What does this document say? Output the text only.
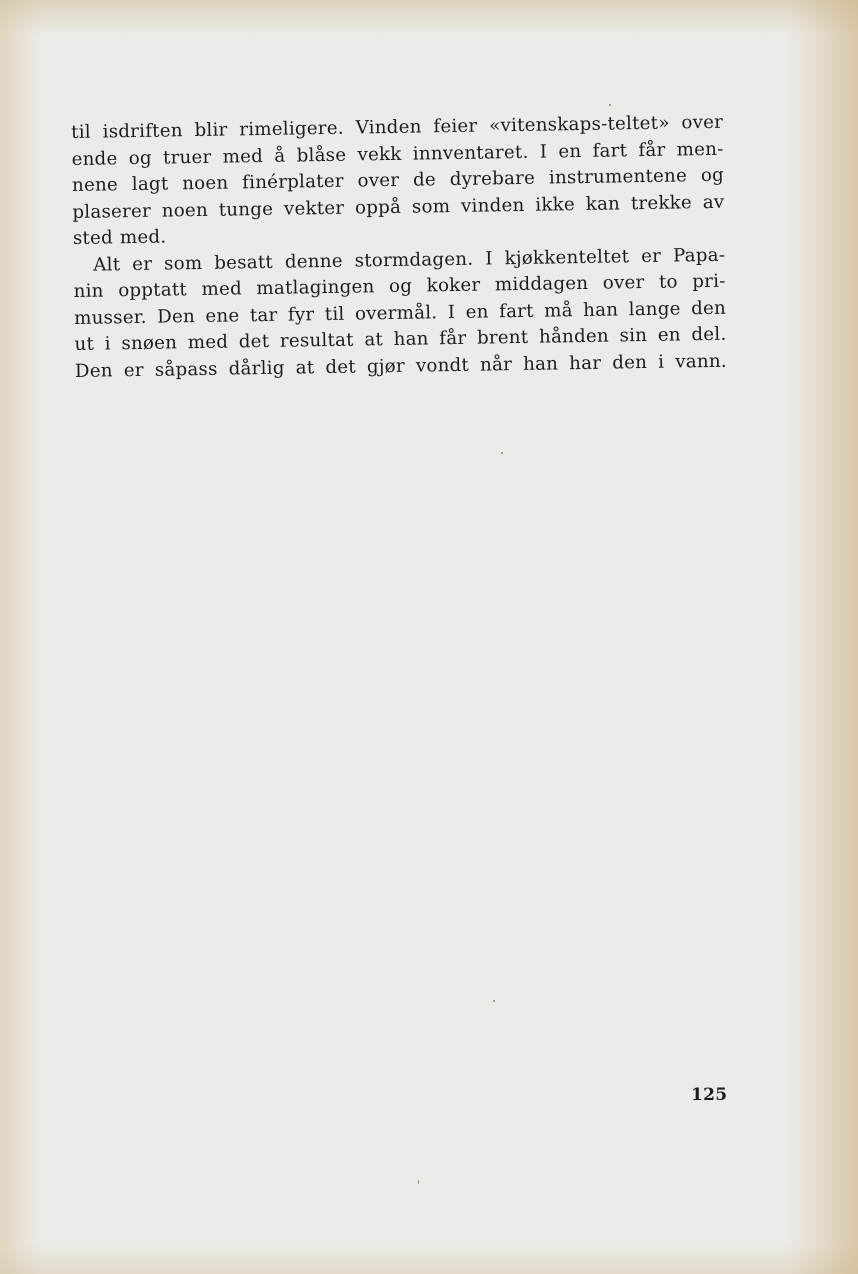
til isdriften blir rimeligere. Vinden feier «vitenskaps-teltet» over
ende og truer med å blåse vekk innventaret. I en fart får men-
nene lagt noen finérplater over de dyrebare instrumentene og
plaserer noen tunge vekter oppå som vinden ikke kan trekke av
sted med.
Alt er som besatt denne stormdagen. I kjøkkenteltet er Papa-
nin opptatt med matlagingen og koker middagen over to pri-
musser. Den ene tar fyr til overmål. I en fart må han lange den
ut i snøen med det resultat at han får brent hånden sin en del.
Den er såpass dårlig at det gjør vondt når han har den i vann.
125
